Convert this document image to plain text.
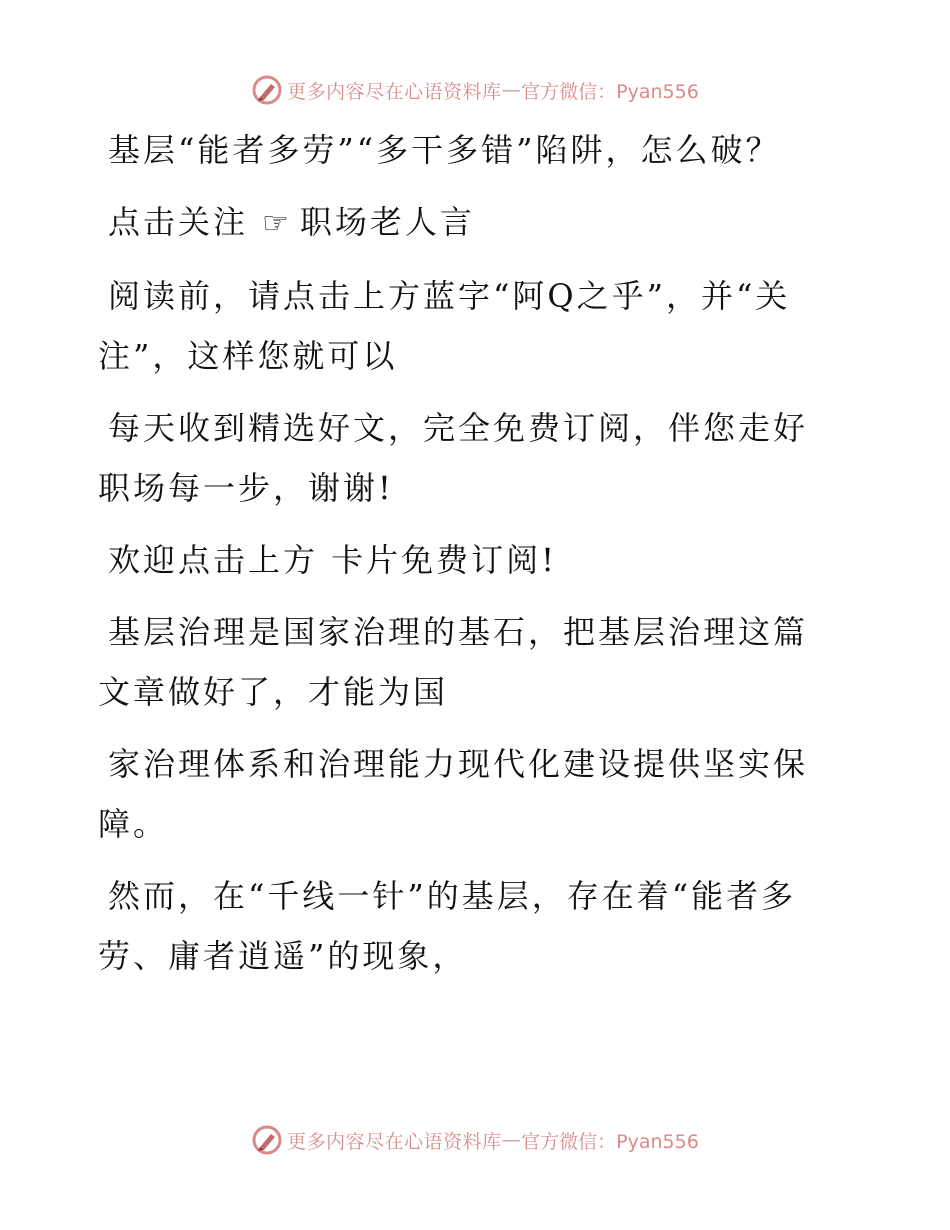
更多内容尽在心语资料库 — 官方微信：Pyan556

基层“能者多劳”“多干多错”陷阱，怎么破？

点击关注 ☞ 职场老人言

阅读前，请点击上方蓝字“阿Q之乎”，并“关注”，这样您就可以

每天收到精选好文，完全免费订阅，伴您走好职场每一步，谢谢!

欢迎点击上方 卡片免费订阅!

基层治理是国家治理的基石，把基层治理这篇文章做好了，才能为国

家治理体系和治理能力现代化建设提供坚实保障。

然而，在“千线一针”的基层，存在着“能者多劳、庸者逍遥”的现象，

更多内容尽在心语资料库 — 官方微信：Pyan556
